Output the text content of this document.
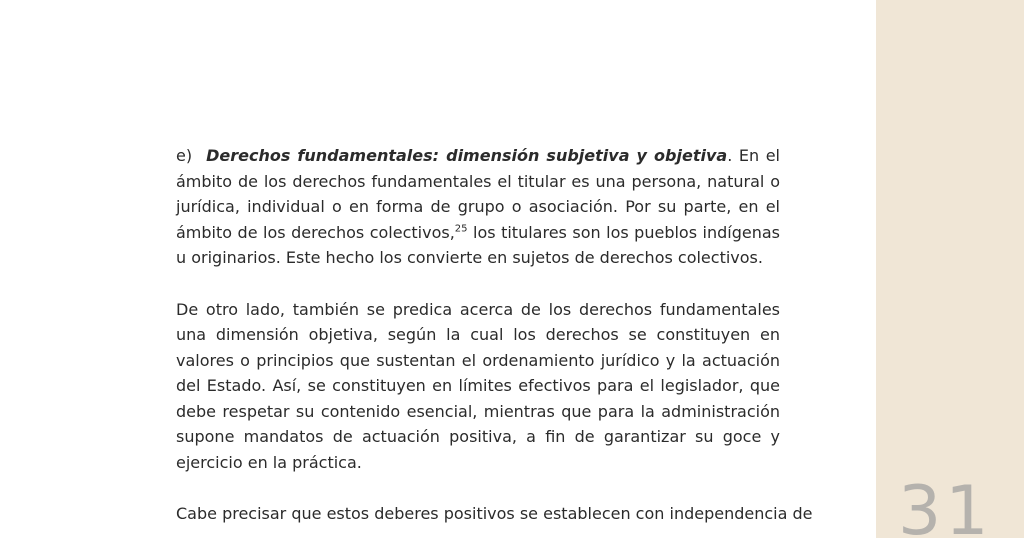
31

e) Derechos fundamentales: dimensión subjetiva y objetiva. En el ámbito de los derechos fundamentales el titular es una persona, natural o jurídica, individual o en forma de grupo o asociación. Por su parte, en el ámbito de los derechos colectivos,$^{25}$ los titulares son los pueblos indígenas u originarios. Este hecho los convierte en sujetos de derechos colectivos.

De otro lado, también se predica acerca de los derechos fundamentales una dimensión objetiva, según la cual los derechos se constituyen en valores o principios que sustentan el ordenamiento jurídico y la actuación del Estado. Así, se constituyen en límites efectivos para el legislador, que debe respetar su contenido esencial, mientras que para la administración supone mandatos de actuación positiva, a fin de garantizar su goce y ejercicio en la práctica.

Cabe precisar que estos deberes positivos se establecen con independencia de
